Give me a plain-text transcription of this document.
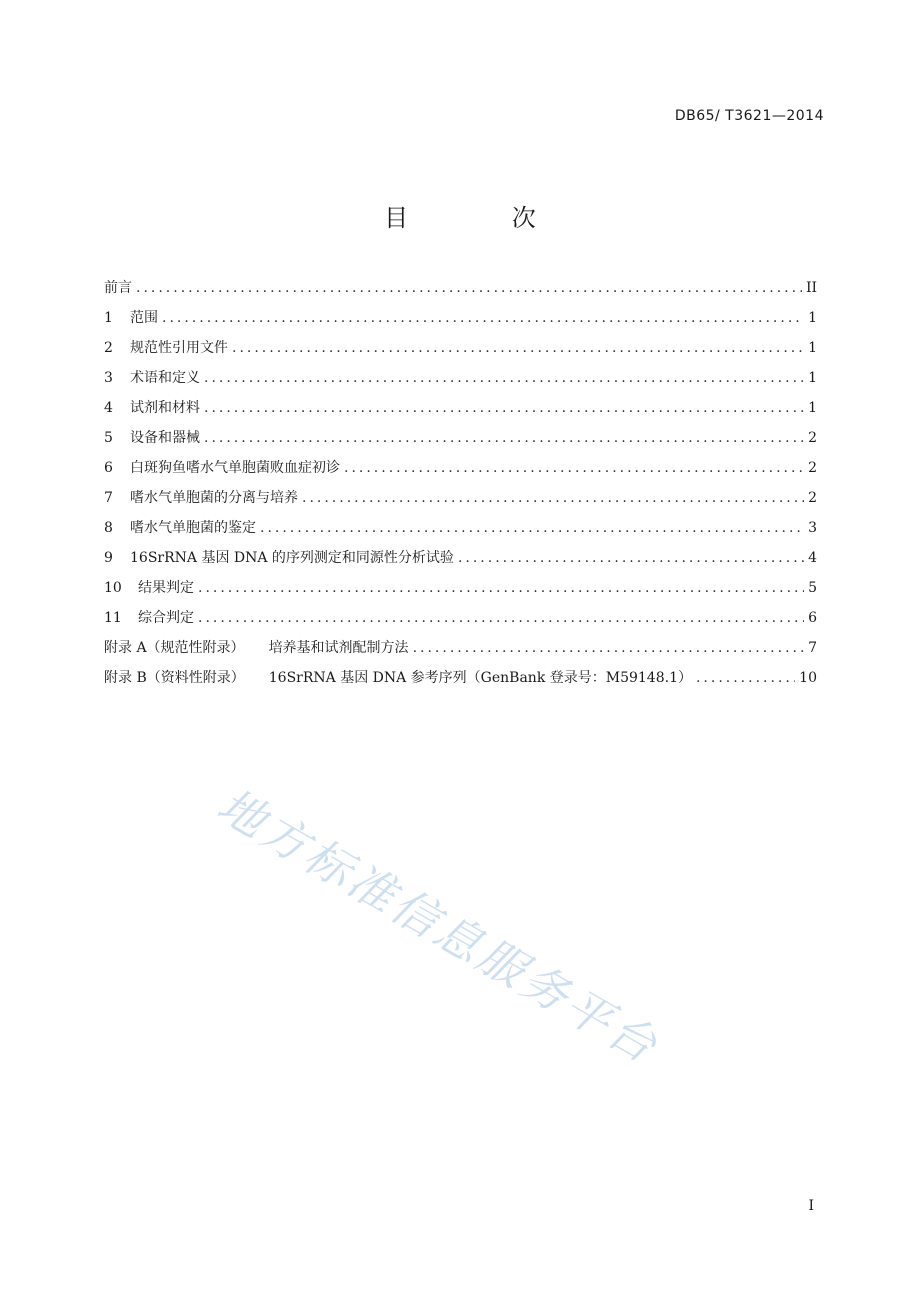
DB65/ T3621—2014
目 次
前言 .....	II
1	范围 .....	1
2	规范性引用文件 .....	1
3	术语和定义 .....	1
4	试剂和材料 .....	1
5	设备和器械 .....	2
6	白斑狗鱼嗜水气单胞菌败血症初诊 .....	2
7	嗜水气单胞菌的分离与培养 .....	2
8	嗜水气单胞菌的鉴定 .....	3
9	16SrRNA 基因 DNA 的序列测定和同源性分析试验 .....	4
10	结果判定 .....	5
11	综合判定 .....	6
附录 A（规范性附录）	培养基和试剂配制方法 .....	7
附录 B（资料性附录）	16SrRNA 基因 DNA 参考序列（GenBank 登录号：M59148.1） .....	10
地方标准信息服务平台
I
